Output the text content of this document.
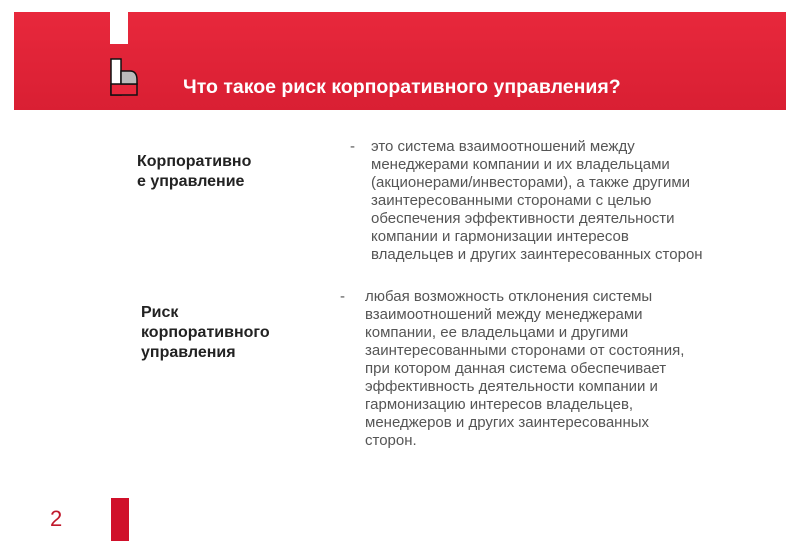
Что такое риск корпоративного управления?
Корпоративно
е управление
- это система взаимоотношений между
менеджерами компании и их владельцами
(акционерами/инвесторами), а также другими
заинтересованными сторонами с целью
обеспечения эффективности деятельности
компании и гармонизации интересов
владельцев и других заинтересованных сторон
Риск
корпоративного
управления
- любая возможность отклонения системы
взаимоотношений между менеджерами
компании, ее владельцами и другими
заинтересованными сторонами от состояния,
при котором данная система обеспечивает
эффективность деятельности компании и
гармонизацию интересов владельцев,
менеджеров и других заинтересованных
сторон.
2
